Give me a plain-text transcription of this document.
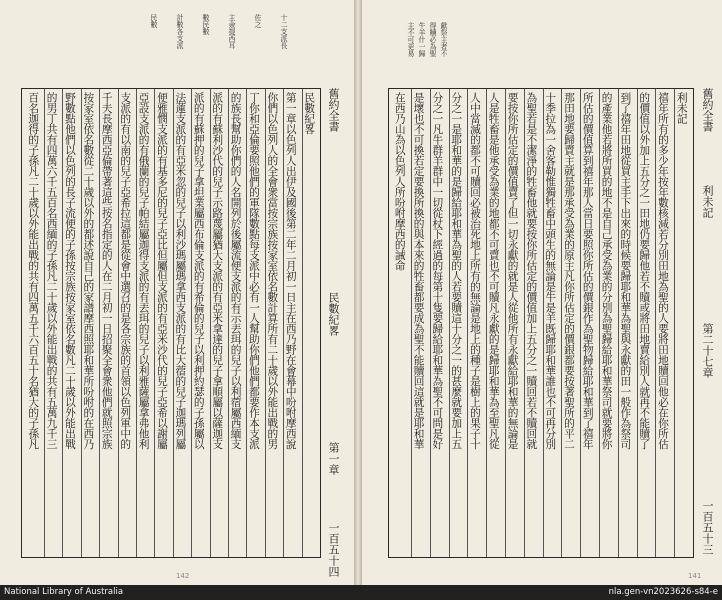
十二支派長
佐之
主僉提西耳
數民數
計數各支派
民數
舊約全書
民數紀畧
第一章
一百五十四
民數紀畧
第一章以色列人出伊及國後第二年二月初一日主在西乃野在會幕中吩咐摩西說
你們以色列人的全會衆當按宗族按家室依名數計算所有二十歲以外能出戰的男
丁你和亞倫要照他們的軍隊數點每支派中必有一人幫助你們他們都要作本支派
的族長幫助你們的人名開列於後屬流便支派的有示丟珥的兒子以利蓿屬西緬支
派的有蘇利沙代的兒子示路蔑屬猶大支派的有亞米拿達的兒子拿順屬以薩迦支
派的有蘇押的兒子拿坦業屬西布倫支派的有希倫的兒子以利押約瑟的子孫屬以
法蓮支派的有亞米忽的兒子以利沙瑪屬瑪拿西支派的有比大蓿的兒子迦瑪列屬
便雅憫支派的有基多尼的兒子亞比但屬但支派的有亞米沙代的兒子亞希以謝屬
亞設支派的有俄蘭的兒子帕結屬迦得支派的有丟珥的兒子以利雅薩屬拿弗他利
支派的有以南的兒子亞希拉這都是從會中選召的是各宗族的首領以色列軍中的
千夫長摩西亞倫帶著這些按名指定的人在二月初一日招聚全會衆他們就照宗族
按家室依名數從二十歲以外的都述說自己的家譜摩西照耶和華所吩咐的在西乃
野數點他們以色列的長子流便的子孫按宗族按家室依名數凡二十歲以外能出戰
的男丁共有四萬六千五百名西緬的子孫凡二十歲以外能出戰的共有五萬九千三
百名迦得的子孫凡二十歲以外能出戰的共有四萬五千六百五十名猶大的子孫凡
142
獻祭主者不
得贖必為聖
牛羊什一歸
主不可更易
舊約全書
利未記
第二十七章
一百五十三
利未記
禧年所有的多少年按年數核減若分別田地為聖的人要將田地贖回他必在你所估
的價值以外加上五分之一田地仍要歸他若不贖或將田地賣給別人就再不能贖了
到了禧年田地從買主手下出來的時候要歸耶和華為聖與永獻的田一般作為祭司
的產業他若將所買的地不是自己承受為業的分別為聖歸給耶和華祭司就要將你
所估的價值算到禧年那人當日要照你所估的價銀作為聖物歸給耶和華到了禧年
那田地要歸賣主就是那承受為業的原主凡你所估定的價銀都要按著聖所的平二
十季拉為一舍客勒惟獨牲畜中頭生的無論是牛是羊既歸耶和華誰也不可再分別
為聖若是不潔淨的牲畜他就要按你所估定的價值加上五分之一贖回若不贖回就
要按你所估定的價值賣了但一切永獻的就是人從他所有永獻給耶和華的無論是
人是牲畜是他承受為業的地都不可賣也不可贖凡永獻的是歸耶和華為至聖凡從
人中當滅的都不可贖回必被治死地上所有的無論是地上的種子是樹上的果子十
分之一是耶和華的是歸給耶和華為聖的人若要贖這十分之一的甚麼就要加上五
分之一凡牛群羊群中一切從杖下經過的每第十隻要歸給耶和華為聖不可問是好
是壞也不可換若定要換所換的與本來的牲畜都要成為聖不能贖回這就是耶和華
在西乃山為以色列人所吩咐摩西的誡命
141
National Library of Australia	nla.gen-vn2023626-s84-e
